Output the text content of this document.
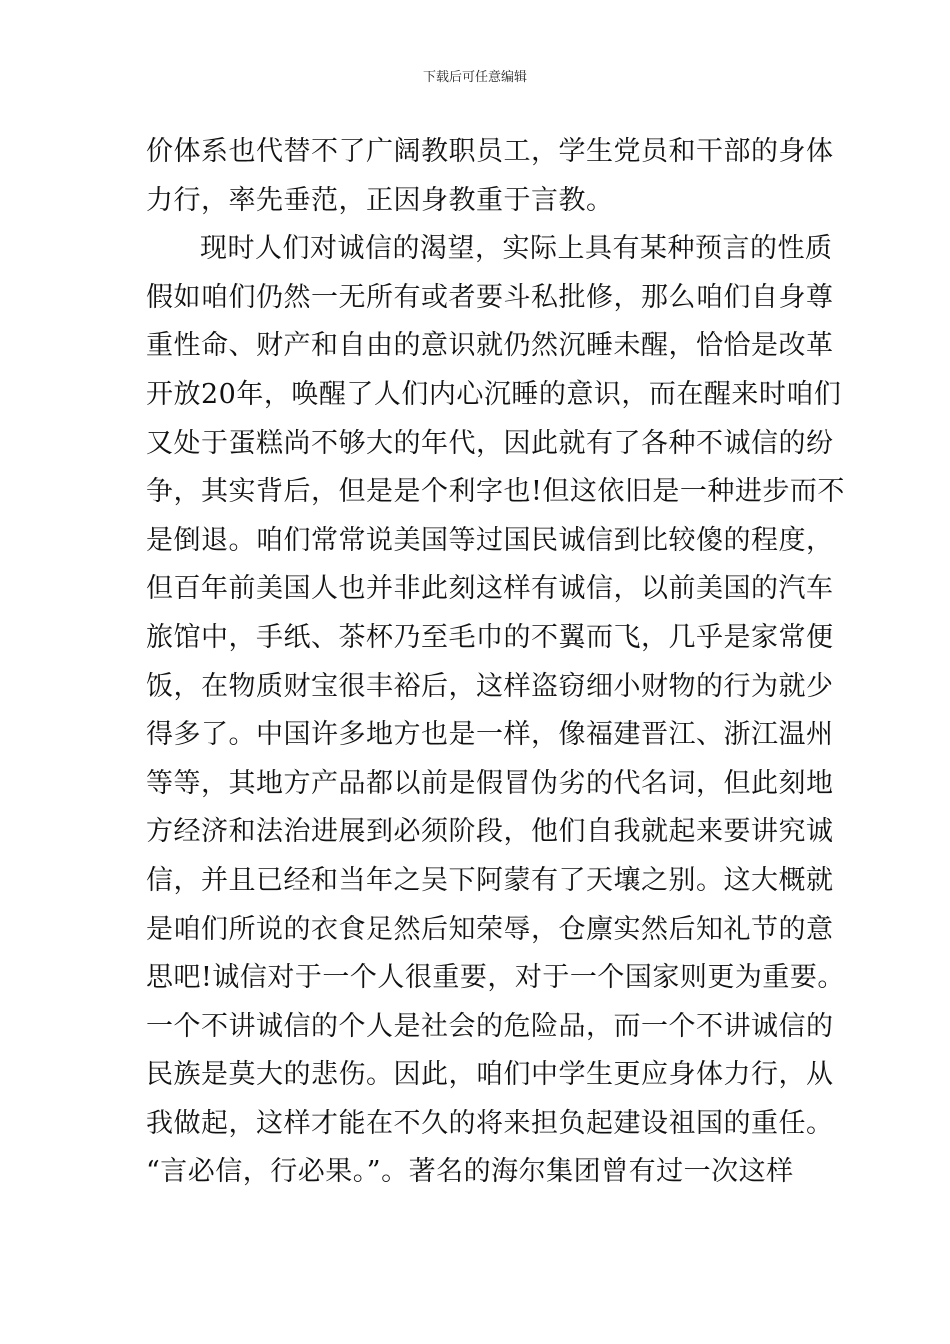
下载后可任意编辑
价体系也代替不了广阔教职员工，学生党员和干部的身体
力行，率先垂范，正因身教重于言教。
现时人们对诚信的渴望，实际上具有某种预言的性质
假如咱们仍然一无所有或者要斗私批修，那么咱们自身尊
重性命、财产和自由的意识就仍然沉睡未醒，恰恰是改革
开放20年，唤醒了人们内心沉睡的意识，而在醒来时咱们
又处于蛋糕尚不够大的年代，因此就有了各种不诚信的纷
争，其实背后，但是是个利字也!但这依旧是一种进步而不
是倒退。咱们常常说美国等过国民诚信到比较傻的程度，
但百年前美国人也并非此刻这样有诚信，以前美国的汽车
旅馆中，手纸、茶杯乃至毛巾的不翼而飞，几乎是家常便
饭，在物质财宝很丰裕后，这样盗窃细小财物的行为就少
得多了。中国许多地方也是一样，像福建晋江、浙江温州
等等，其地方产品都以前是假冒伪劣的代名词，但此刻地
方经济和法治进展到必须阶段，他们自我就起来要讲究诚
信，并且已经和当年之吴下阿蒙有了天壤之别。这大概就
是咱们所说的衣食足然后知荣辱，仓廪实然后知礼节的意
思吧!诚信对于一个人很重要，对于一个国家则更为重要。
一个不讲诚信的个人是社会的危险品，而一个不讲诚信的
民族是莫大的悲伤。因此，咱们中学生更应身体力行，从
我做起，这样才能在不久的将来担负起建设祖国的重任。
“言必信，行必果。”。著名的海尔集团曾有过一次这样
